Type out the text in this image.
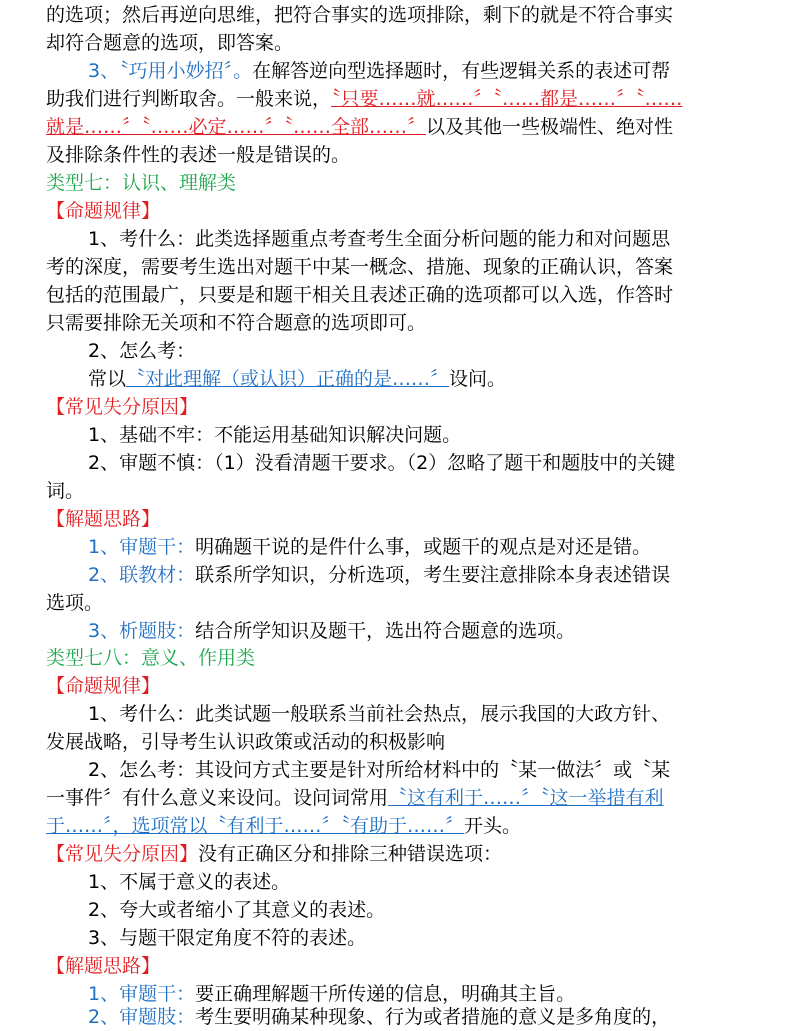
的选项；然后再逆向思维，把符合事实的选项排除，剩下的就是不符合事实
却符合题意的选项，即答案。
3、〝巧用小妙招〞。在解答逆向型选择题时，有些逻辑关系的表述可帮
助我们进行判断取舍。一般来说，〝只要……就……〞〝……都是……〞〝……
就是……〞〝……必定……〞〝……全部……〞以及其他一些极端性、绝对性
及排除条件性的表述一般是错误的。
类型七：认识、理解类
【命题规律】
1、考什么：此类选择题重点考查考生全面分析问题的能力和对问题思
考的深度，需要考生选出对题干中某一概念、措施、现象的正确认识，答案
包括的范围最广，只要是和题干相关且表述正确的选项都可以入选，作答时
只需要排除无关项和不符合题意的选项即可。
2、怎么考：
常以〝对此理解（或认识）正确的是……〞设问。
【常见失分原因】
1、基础不牢：不能运用基础知识解决问题。
2、审题不慎：（1）没看清题干要求。（2）忽略了题干和题肢中的关键
词。
【解题思路】
1、审题干：明确题干说的是件什么事，或题干的观点是对还是错。
2、联教材：联系所学知识，分析选项，考生要注意排除本身表述错误
选项。
3、析题肢：结合所学知识及题干，选出符合题意的选项。
类型七八：意义、作用类
【命题规律】
1、考什么：此类试题一般联系当前社会热点，展示我国的大政方针、
发展战略，引导考生认识政策或活动的积极影响
2、怎么考：其设问方式主要是针对所给材料中的〝某一做法〞或〝某
一事件〞有什么意义来设问。设问词常用〝这有利于……〞〝这一举措有利
于……〞，选项常以〝有利于……〞〝有助于……〞开头。
【常见失分原因】没有正确区分和排除三种错误选项：
1、不属于意义的表述。
2、夸大或者缩小了其意义的表述。
3、与题干限定角度不符的表述。
【解题思路】
1、审题干：要正确理解题干所传递的信息，明确其主旨。
2、审题肢：考生要明确某种现象、行为或者措施的意义是多角度的，
